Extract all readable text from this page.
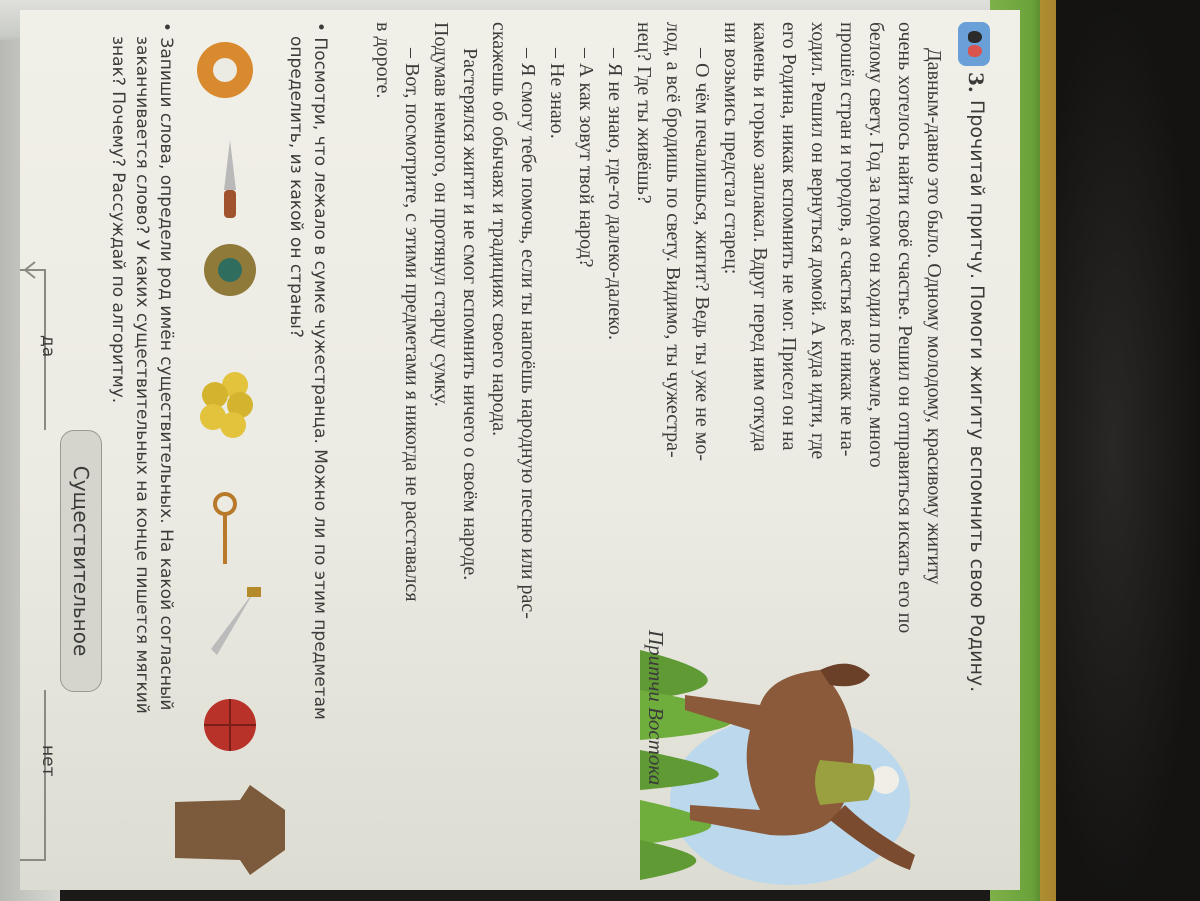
3.
Прочитай притчу. Помоги жигиту вспомнить свою Родину.
Притчи Востока
Давным-давно это было. Одному молодому, красивому жигиту
очень хотелось найти своё счастье. Решил он отправиться искать его по
белому свету. Год за годом он ходил по земле, много
прошёл стран и городов, а счастья всё никак не на-
ходил. Решил он вернуться домой. А куда идти, где
его Родина, никак вспомнить не мог. Присел он на
камень и горько заплакал. Вдруг перед ним откуда
ни возьмись предстал старец:
– О чём печалишься, жигит? Ведь ты уже не мо-
лод, а всё бродишь по свету. Видимо, ты чужестра-
нец? Где ты живёшь?
– Я не знаю, где-то далеко-далеко.
– А как зовут твой народ?
– Не знаю.
– Я смогу тебе помочь, если ты напоёшь народную песню или рас-
скажешь об обычаях и традициях своего народа.
Растерялся жигит и не смог вспомнить ничего о своём народе.
Подумав немного, он протянул старцу сумку.
– Вот, посмотрите, с этими предметами я никогда не расставался
в дороге.
• Посмотри, что лежало в сумке чужестранца. Можно ли по этим предметам
определить, из какой он страны?
• Запиши слова, определи род имён существительных. На какой согласный
заканчивается слово? У каких существительных на конце пишется мягкий
знак? Почему? Рассуждай по алгоритму.
Существительное
да
нет
